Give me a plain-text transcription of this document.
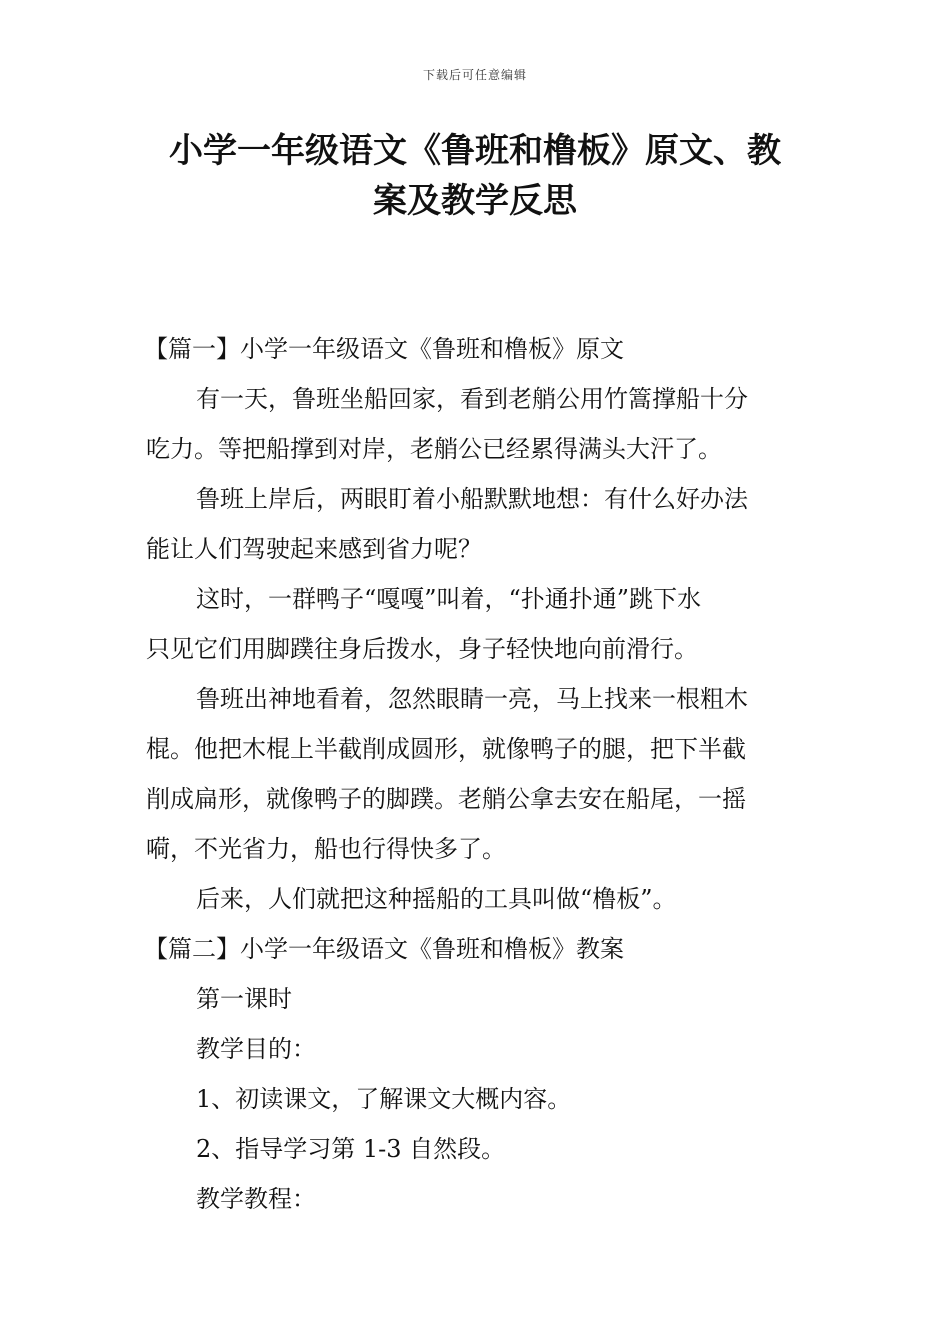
下载后可任意编辑
小学一年级语文《鲁班和橹板》原文、教
案及教学反思
【篇一】小学一年级语文《鲁班和橹板》原文
有一天，鲁班坐船回家，看到老艄公用竹篙撑船十分
吃力。等把船撑到对岸，老艄公已经累得满头大汗了。
鲁班上岸后，两眼盯着小船默默地想：有什么好办法
能让人们驾驶起来感到省力呢？
这时，一群鸭子“嘎嘎”叫着，“扑通扑通”跳下水
只见它们用脚蹼往身后拨水，身子轻快地向前滑行。
鲁班出神地看着，忽然眼睛一亮，马上找来一根粗木
棍。他把木棍上半截削成圆形，就像鸭子的腿，把下半截
削成扁形，就像鸭子的脚蹼。老艄公拿去安在船尾，一摇
嗬，不光省力，船也行得快多了。
后来，人们就把这种摇船的工具叫做“橹板”。
【篇二】小学一年级语文《鲁班和橹板》教案
第一课时
教学目的：
1、初读课文，了解课文大概内容。
2、指导学习第 1-3 自然段。
教学教程：
